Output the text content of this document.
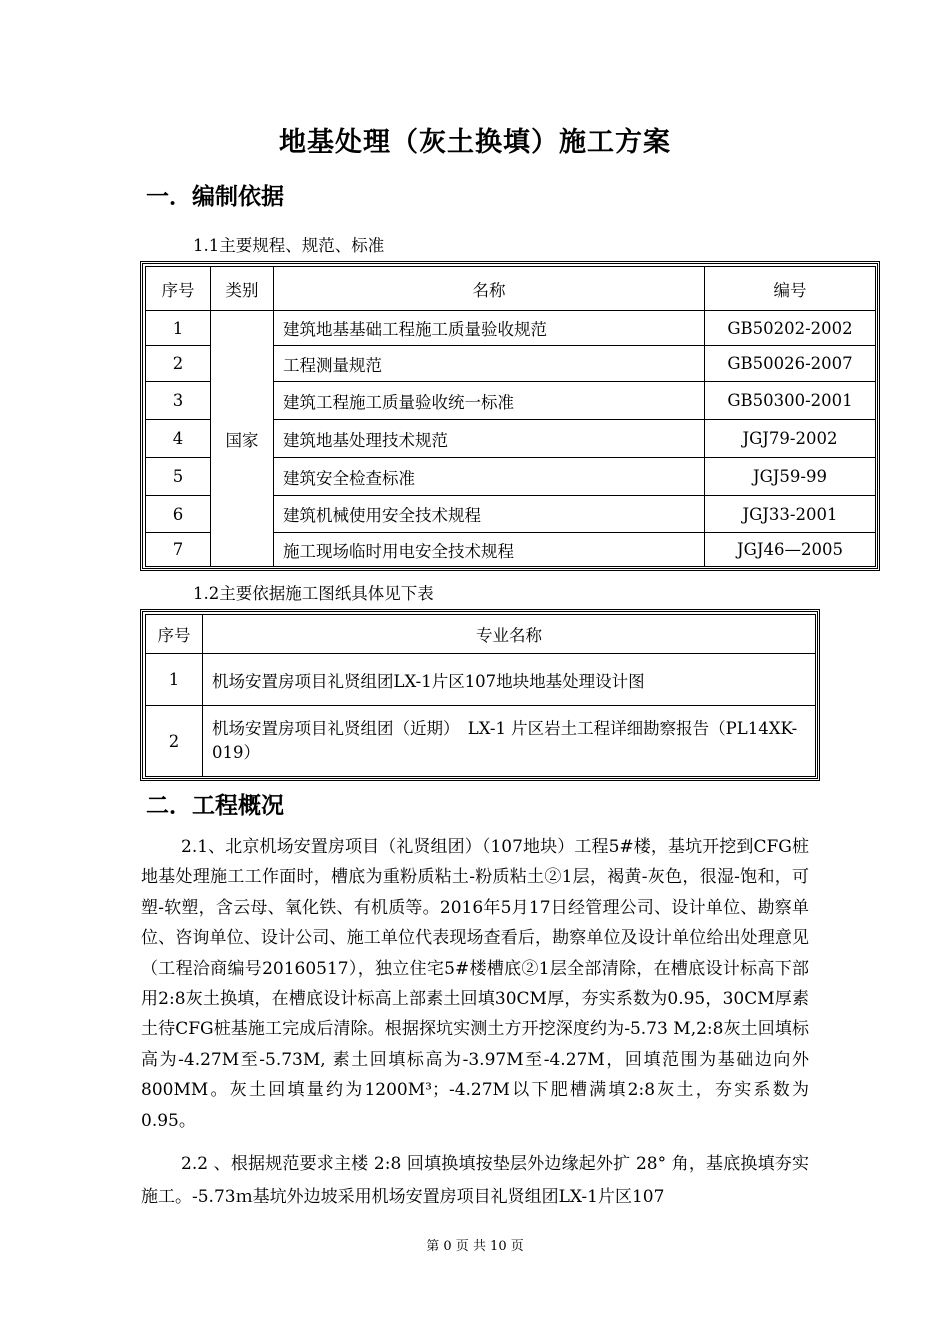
地基处理（灰土换填）施工方案
一．编制依据
1.1主要规程、规范、标准
序号	类别	名称	编号
1	国家	建筑地基基础工程施工质量验收规范	GB50202-2002
2		工程测量规范	GB50026-2007
3		建筑工程施工质量验收统一标准	GB50300-2001
4		建筑地基处理技术规范	JGJ79-2002
5		建筑安全检查标准	JGJ59-99
6		建筑机械使用安全技术规程	JGJ33-2001
7		施工现场临时用电安全技术规程	JGJ46—2005
1.2主要依据施工图纸具体见下表
序号	专业名称
1	机场安置房项目礼贤组团LX-1片区107地块地基处理设计图
2	机场安置房项目礼贤组团（近期）　LX-1 片区岩土工程详细勘察报告（PL14XK-019）
二．工程概况

2.1、北京机场安置房项目（礼贤组团）（107地块）工程5#楼，基坑开挖到CFG桩地基处理施工工作面时，槽底为重粉质粘土-粉质粘土②1层，褐黄-灰色，很湿-饱和，可塑-软塑，含云母、氧化铁、有机质等。2016年5月17日经管理公司、设计单位、勘察单位、咨询单位、设计公司、施工单位代表现场查看后，勘察单位及设计单位给出处理意见（工程洽商编号20160517），独立住宅5#楼槽底②1层全部清除，在槽底设计标高下部用2:8灰土换填，在槽底设计标高上部素土回填30CM厚，夯实系数为0.95，30CM厚素土待CFG桩基施工完成后清除。根据探坑实测土方开挖深度约为-5.73 M,2:8灰土回填标高为-4.27M至-5.73M, 素土回填标高为-3.97M至-4.27M，回填范围为基础边向外800MM。灰土回填量约为1200M³；-4.27M以下肥槽满填2:8灰土，夯实系数为0.95。

2.2 、根据规范要求主楼 2:8 回填换填按垫层外边缘起外扩 28° 角，基底换填夯实施工。-5.73ｍ基坑外边坡采用机场安置房项目礼贤组团LX-1片区107

第 0 页 共 10 页
